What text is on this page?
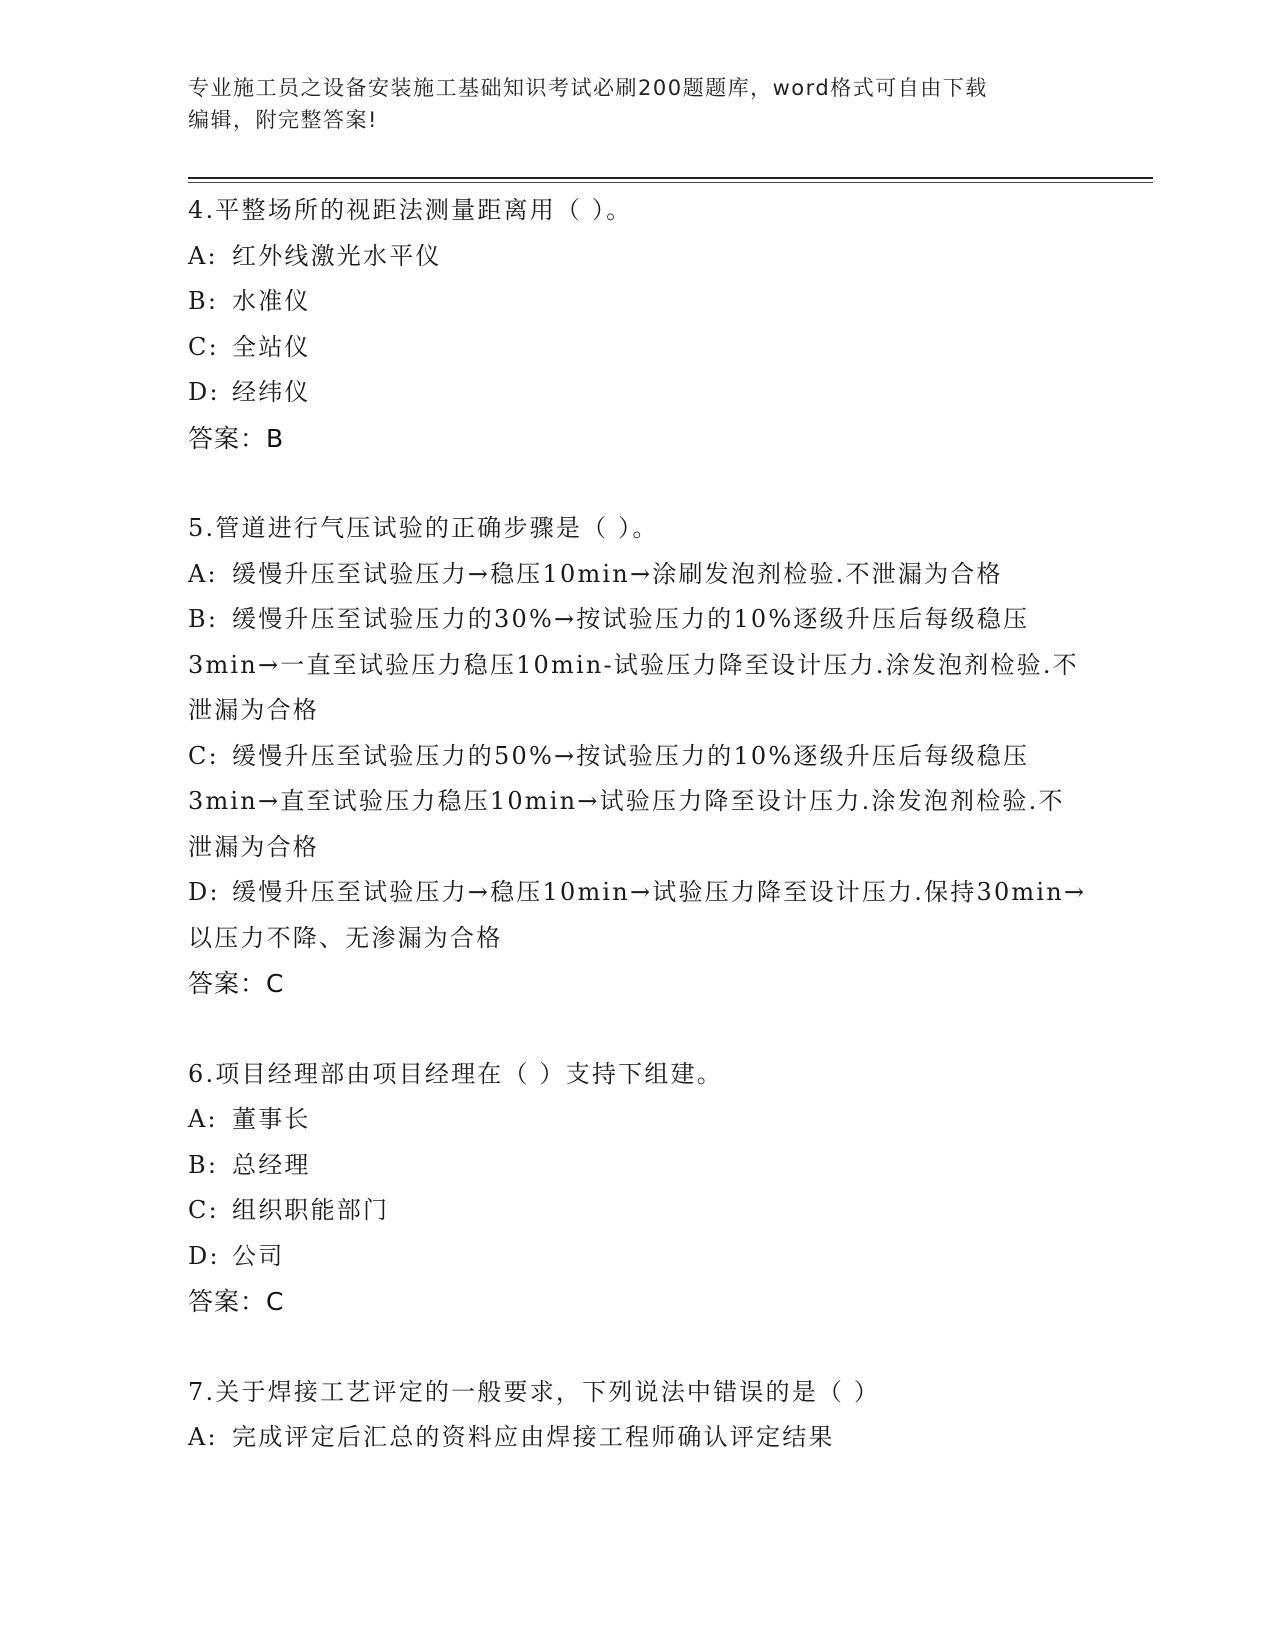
专业施工员之设备安装施工基础知识考试必刷200题题库，word格式可自由下载
编辑，附完整答案!
4.平整场所的视距法测量距离用（ ）。
A: 红外线激光水平仪
B: 水准仪
C: 全站仪
D: 经纬仪
答案：B
5.管道进行气压试验的正确步骤是（ ）。
A: 缓慢升压至试验压力→稳压10min→涂刷发泡剂检验.不泄漏为合格
B: 缓慢升压至试验压力的30%→按试验压力的10%逐级升压后每级稳压3min→一直至试验压力稳压10min-试验压力降至设计压力.涂发泡剂检验.不泄漏为合格
C: 缓慢升压至试验压力的50%→按试验压力的10%逐级升压后每级稳压3min→直至试验压力稳压10min→试验压力降至设计压力.涂发泡剂检验.不泄漏为合格
D: 缓慢升压至试验压力→稳压10min→试验压力降至设计压力.保持30min→以压力不降、无渗漏为合格
答案：C
6.项目经理部由项目经理在（ ）支持下组建。
A: 董事长
B: 总经理
C: 组织职能部门
D: 公司
答案：C
7.关于焊接工艺评定的一般要求，下列说法中错误的是（ ）
A: 完成评定后汇总的资料应由焊接工程师确认评定结果
